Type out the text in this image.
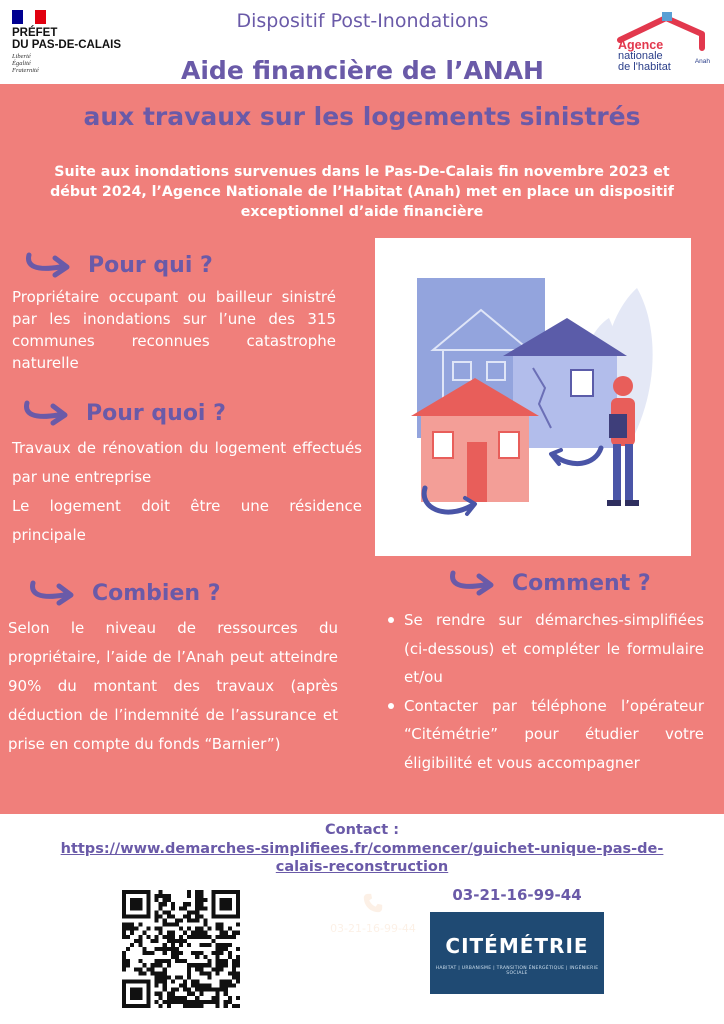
PRÉFET
DU PAS-DE-CALAIS
Liberté
Égalité
Fraternité
Dispositif Post-Inondations
Agence
nationale
de l'habitat	Anah
Aide financière de l’ANAH
aux travaux sur les logements sinistrés
Suite aux inondations survenues dans le Pas-De-Calais fin novembre 2023 et début 2024, l’Agence Nationale de l’Habitat (Anah) met en place un dispositif exceptionnel d’aide financière
Pour qui ?
Propriétaire occupant ou bailleur sinistré par les inondations sur l’une des 315 communes reconnues catastrophe naturelle
Pour quoi ?

Travaux de rénovation du logement effectués par une entreprise

Le logement doit être une résidence principale

Combien ?
Selon le niveau de ressources du propriétaire, l’aide de l’Anah peut atteindre 90% du montant des travaux (après déduction de l’indemnité de l’assurance et prise en compte du fonds “Barnier”)
Comment ?
Se rendre sur démarches-simplifiées (ci-dessous) et compléter le formulaire et/ou
Contacter par téléphone l’opérateur “Citémétrie” pour étudier votre éligibilité et vous accompagner
Contact :
https://www.demarches-simplifiees.fr/commencer/guichet-unique-pas-de-calais-reconstruction
03-21-16-99-44
03-21-16-99-44
CITÉMÉTRIE
HABITAT | URBANISME | TRANSITION ÉNERGÉTIQUE | INGÉNIERIE SOCIALE
